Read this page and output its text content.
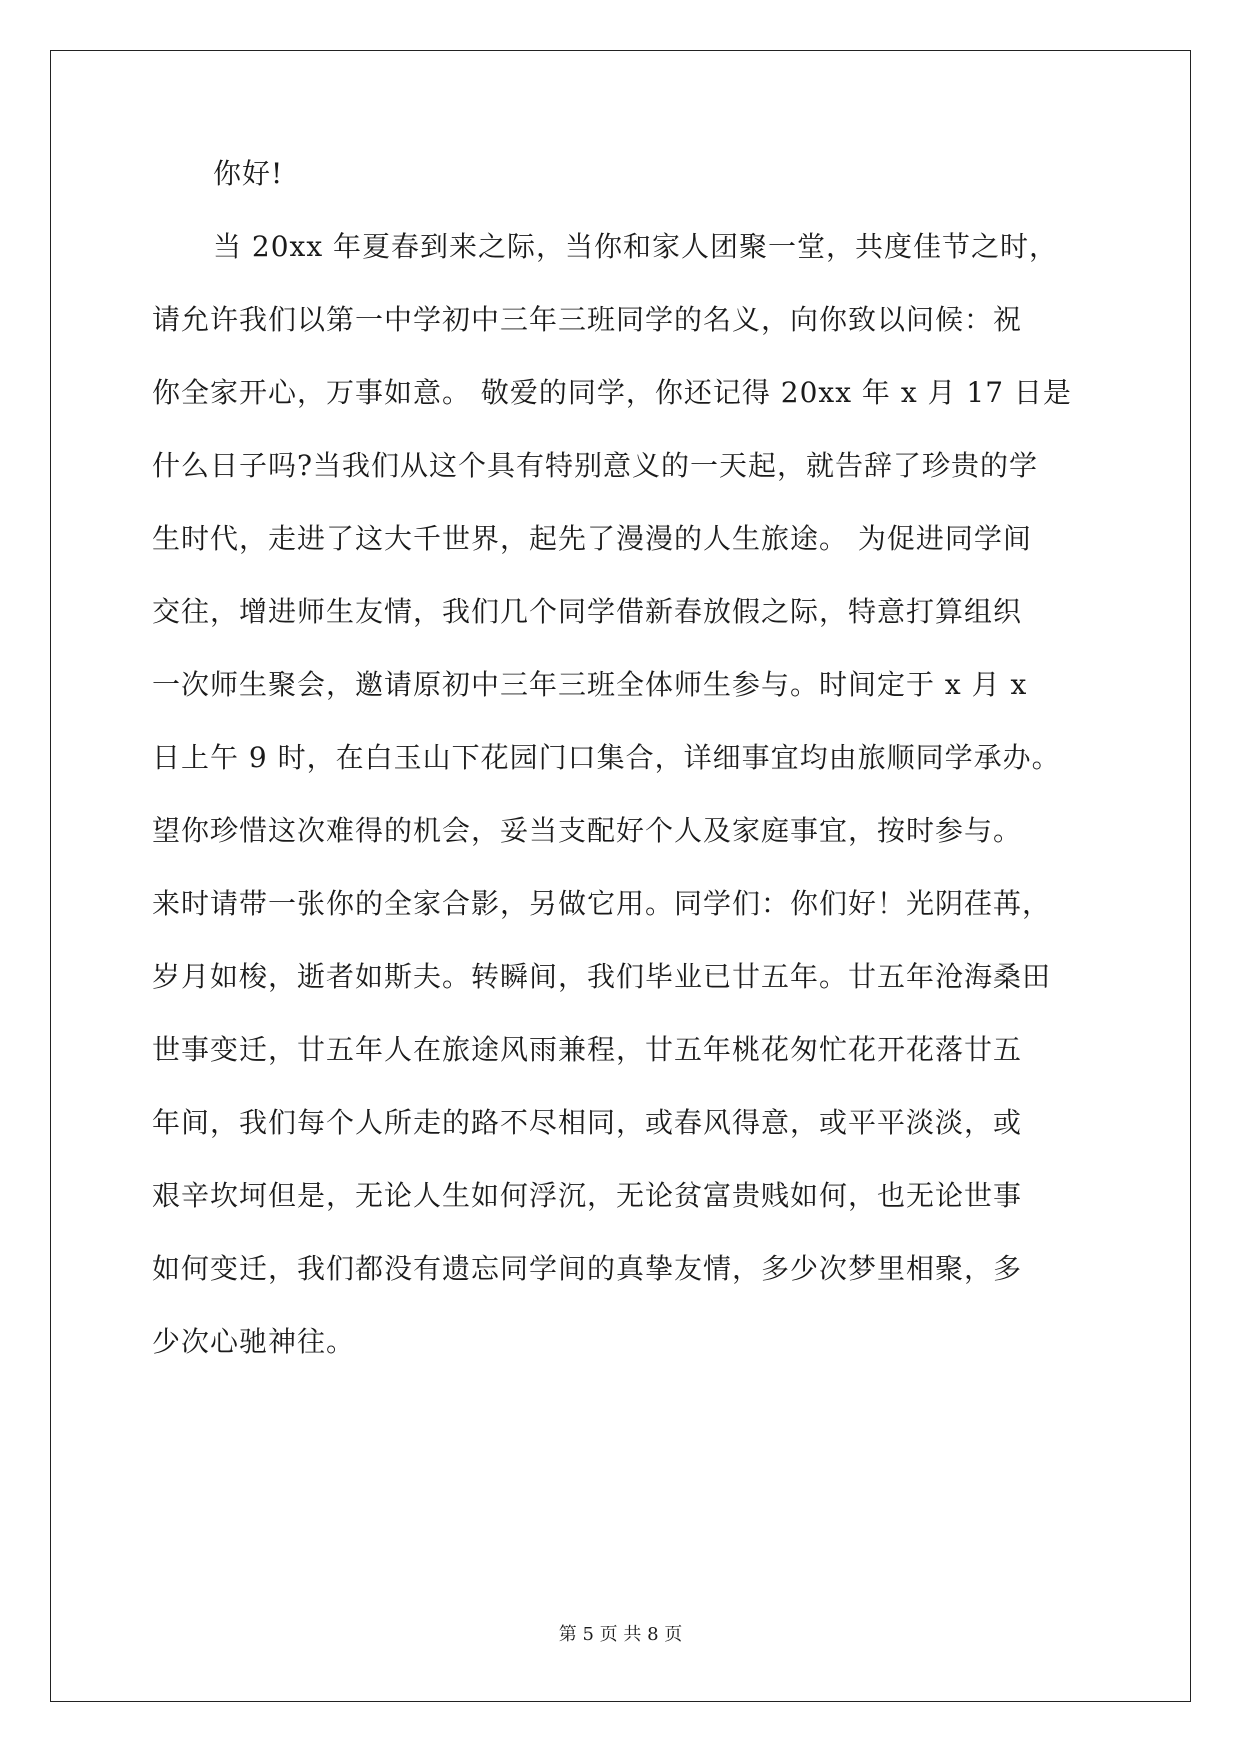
你好!
当 20xx 年夏春到来之际，当你和家人团聚一堂，共度佳节之时，
请允许我们以第一中学初中三年三班同学的名义，向你致以问候：祝
你全家开心，万事如意。 敬爱的同学，你还记得 20xx 年 x 月 17 日是
什么日子吗?当我们从这个具有特别意义的一天起，就告辞了珍贵的学
生时代，走进了这大千世界，起先了漫漫的人生旅途。 为促进同学间
交往，增进师生友情，我们几个同学借新春放假之际，特意打算组织
一次师生聚会，邀请原初中三年三班全体师生参与。时间定于 x 月 x
日上午 9 时，在白玉山下花园门口集合，详细事宜均由旅顺同学承办。
望你珍惜这次难得的机会，妥当支配好个人及家庭事宜，按时参与。
来时请带一张你的全家合影，另做它用。同学们：你们好！光阴荏苒，
岁月如梭，逝者如斯夫。转瞬间，我们毕业已廿五年。廿五年沧海桑田
世事变迁，廿五年人在旅途风雨兼程，廿五年桃花匆忙花开花落廿五
年间，我们每个人所走的路不尽相同，或春风得意，或平平淡淡，或
艰辛坎坷但是，无论人生如何浮沉，无论贫富贵贱如何，也无论世事
如何变迁，我们都没有遗忘同学间的真挚友情，多少次梦里相聚，多
少次心驰神往。
第 5 页 共 8 页
